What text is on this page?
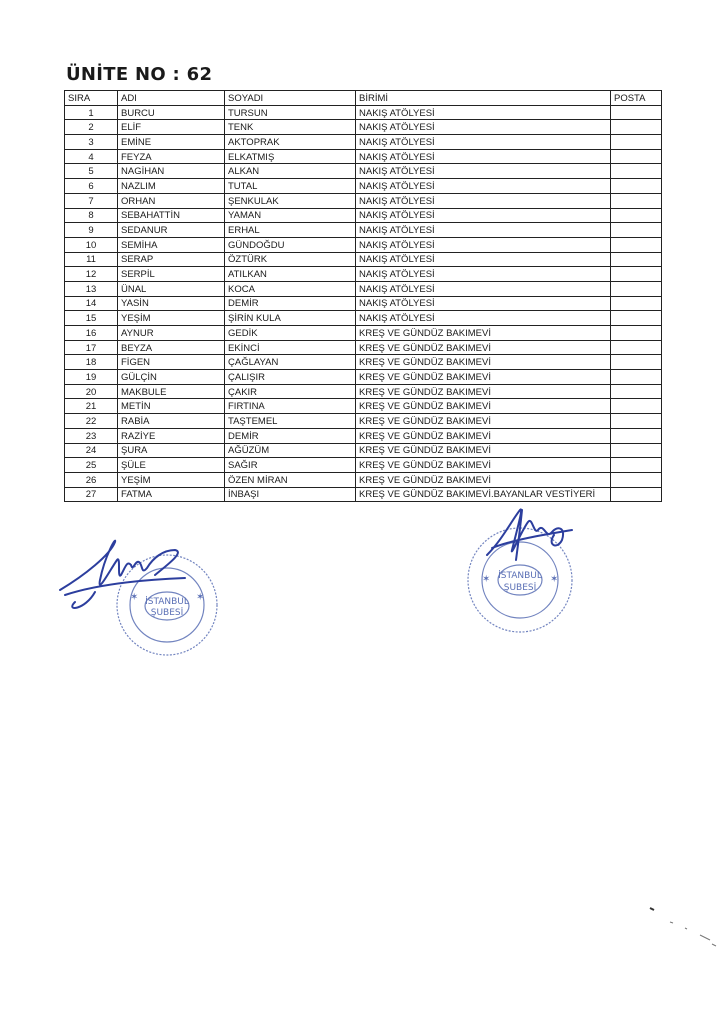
ÜNİTE NO : 62
SIRA	ADI	SOYADI	BİRİMİ	POSTA
1	BURCU	TURSUN	NAKIŞ ATÖLYESİ	
2	ELİF	TENK	NAKIŞ ATÖLYESİ	
3	EMİNE	AKTOPRAK	NAKIŞ ATÖLYESİ	
4	FEYZA	ELKATMIŞ	NAKIŞ ATÖLYESİ	
5	NAGİHAN	ALKAN	NAKIŞ ATÖLYESİ	
6	NAZLIM	TUTAL	NAKIŞ ATÖLYESİ	
7	ORHAN	ŞENKULAK	NAKIŞ ATÖLYESİ	
8	SEBAHATTİN	YAMAN	NAKIŞ ATÖLYESİ	
9	SEDANUR	ERHAL	NAKIŞ ATÖLYESİ	
10	SEMİHA	GÜNDOĞDU	NAKIŞ ATÖLYESİ	
11	SERAP	ÖZTÜRK	NAKIŞ ATÖLYESİ	
12	SERPİL	ATILKAN	NAKIŞ ATÖLYESİ	
13	ÜNAL	KOCA	NAKIŞ ATÖLYESİ	
14	YASİN	DEMİR	NAKIŞ ATÖLYESİ	
15	YEŞİM	ŞİRİN KULA	NAKIŞ ATÖLYESİ	
16	AYNUR	GEDİK	KREŞ VE GÜNDÜZ BAKIMEVİ	
17	BEYZA	EKİNCİ	KREŞ VE GÜNDÜZ BAKIMEVİ	
18	FİGEN	ÇAĞLAYAN	KREŞ VE GÜNDÜZ BAKIMEVİ	
19	GÜLÇİN	ÇALIŞIR	KREŞ VE GÜNDÜZ BAKIMEVİ	
20	MAKBULE	ÇAKIR	KREŞ VE GÜNDÜZ BAKIMEVİ	
21	METİN	FIRTINA	KREŞ VE GÜNDÜZ BAKIMEVİ	
22	RABİA	TAŞTEMEL	KREŞ VE GÜNDÜZ BAKIMEVİ	
23	RAZİYE	DEMİR	KREŞ VE GÜNDÜZ BAKIMEVİ	
24	ŞURA	AĞÜZÜM	KREŞ VE GÜNDÜZ BAKIMEVİ	
25	ŞÜLE	SAĞIR	KREŞ VE GÜNDÜZ BAKIMEVİ	
26	YEŞİM	ÖZEN MİRAN	KREŞ VE GÜNDÜZ BAKIMEVİ	
27	FATMA	İNBAŞI	KREŞ VE GÜNDÜZ BAKIMEVİ.BAYANLAR VESTİYERİ	
İSTANBUL
ŞUBESİ
✶	✶
İSTANBUL
ŞUBESİ
✶	✶
